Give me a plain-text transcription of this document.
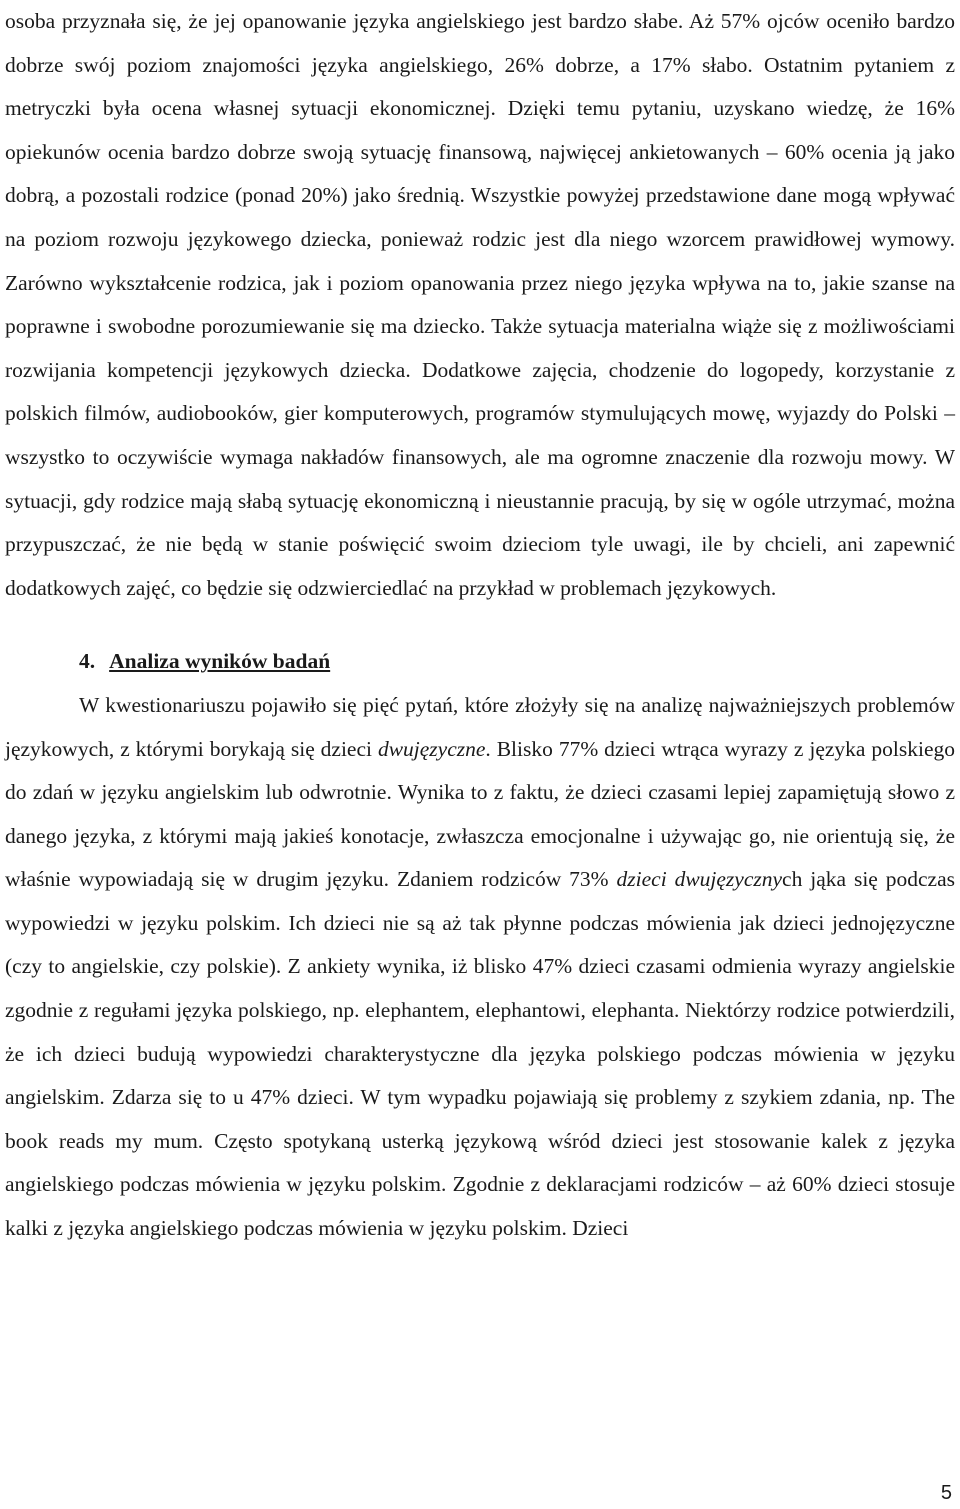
osoba przyznała się, że jej opanowanie języka angielskiego jest bardzo słabe. Aż 57% ojców oceniło bardzo dobrze swój poziom znajomości języka angielskiego, 26% dobrze, a 17% słabo. Ostatnim pytaniem z metryczki była ocena własnej sytuacji ekonomicznej. Dzięki temu pytaniu, uzyskano wiedzę, że 16% opiekunów ocenia bardzo dobrze swoją sytuację finansową, najwięcej ankietowanych – 60% ocenia ją jako dobrą, a pozostali rodzice (ponad 20%) jako średnią. Wszystkie powyżej przedstawione dane mogą wpływać na poziom rozwoju językowego dziecka, ponieważ rodzic jest dla niego wzorcem prawidłowej wymowy. Zarówno wykształcenie rodzica, jak i poziom opanowania przez niego języka wpływa na to, jakie szanse na poprawne i swobodne porozumiewanie się ma dziecko. Także sytuacja materialna wiąże się z możliwościami rozwijania kompetencji językowych dziecka. Dodatkowe zajęcia, chodzenie do logopedy, korzystanie z polskich filmów, audiobooków, gier komputerowych, programów stymulujących mowę, wyjazdy do Polski – wszystko to oczywiście wymaga nakładów finansowych, ale ma ogromne znaczenie dla rozwoju mowy. W sytuacji, gdy rodzice mają słabą sytuację ekonomiczną i nieustannie pracują, by się w ogóle utrzymać, można przypuszczać, że nie będą w stanie poświęcić swoim dzieciom tyle uwagi, ile by chcieli, ani zapewnić dodatkowych zajęć, co będzie się odzwierciedlać na przykład w problemach językowych.

4. Analiza wyników badań

W kwestionariuszu pojawiło się pięć pytań, które złożyły się na analizę najważniejszych problemów językowych, z którymi borykają się dzieci dwujęzyczne. Blisko 77% dzieci wtrąca wyrazy z języka polskiego do zdań w języku angielskim lub odwrotnie. Wynika to z faktu, że dzieci czasami lepiej zapamiętują słowo z danego języka, z którymi mają jakieś konotacje, zwłaszcza emocjonalne i używając go, nie orientują się, że właśnie wypowiadają się w drugim języku. Zdaniem rodziców 73% dzieci dwujęzycznych jąka się podczas wypowiedzi w języku polskim. Ich dzieci nie są aż tak płynne podczas mówienia jak dzieci jednojęzyczne (czy to angielskie, czy polskie). Z ankiety wynika, iż blisko 47% dzieci czasami odmienia wyrazy angielskie zgodnie z regułami języka polskiego, np. elephantem, elephantowi, elephanta. Niektórzy rodzice potwierdzili, że ich dzieci budują wypowiedzi charakterystyczne dla języka polskiego podczas mówienia w języku angielskim. Zdarza się to u 47% dzieci. W tym wypadku pojawiają się problemy z szykiem zdania, np. The book reads my mum. Często spotykaną usterką językową wśród dzieci jest stosowanie kalek z języka angielskiego podczas mówienia w języku polskim. Zgodnie z deklaracjami rodziców – aż 60% dzieci stosuje kalki z języka angielskiego podczas mówienia w języku polskim. Dzieci

5
